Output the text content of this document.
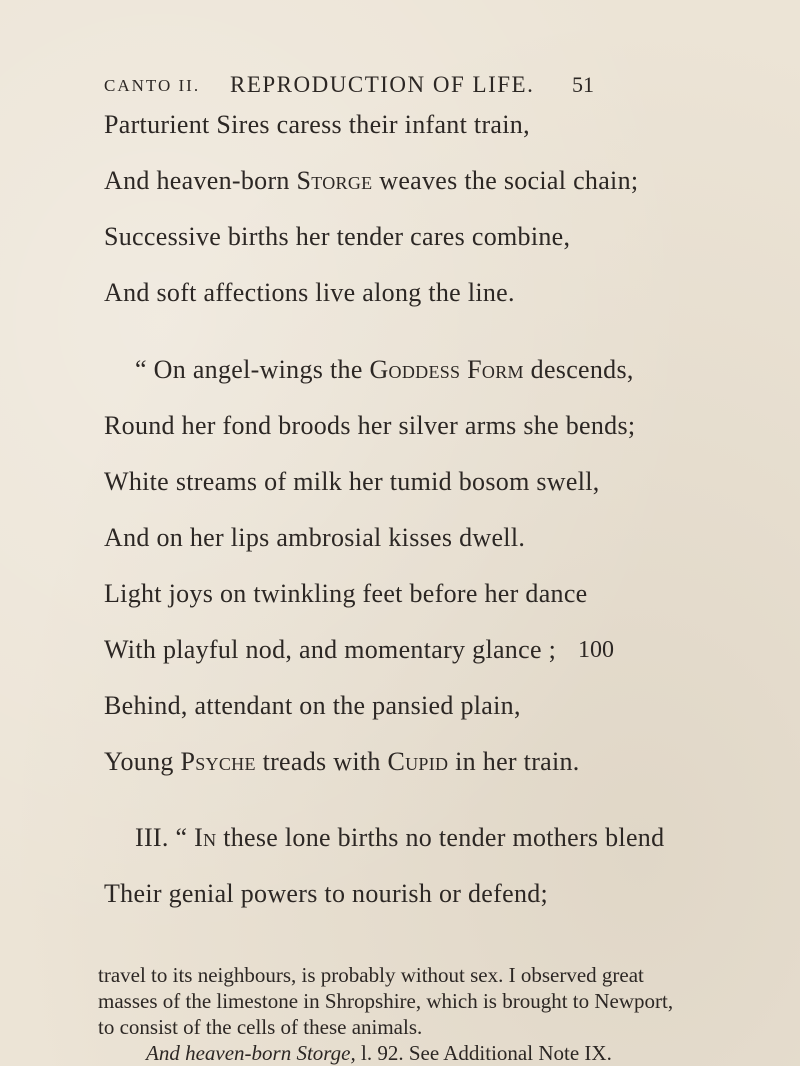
CANTO II. REPRODUCTION OF LIFE. 51
Parturient Sires caress their infant train,
And heaven-born Storge weaves the social chain;
Successive births her tender cares combine,
And soft affections live along the line.
“ On angel-wings the Goddess Form descends,
Round her fond broods her silver arms she bends;
White streams of milk her tumid bosom swell,
And on her lips ambrosial kisses dwell.
Light joys on twinkling feet before her dance
With playful nod, and momentary glance ; 100
Behind, attendant on the pansied plain,
Young Psyche treads with Cupid in her train.
III. “ In these lone births no tender mothers blend
Their genial powers to nourish or defend;
travel to its neighbours, is probably without sex. I observed great
masses of the limestone in Shropshire, which is brought to Newport,
to consist of the cells of these animals.
And heaven-born Storge, l. 92. See Additional Note IX.
